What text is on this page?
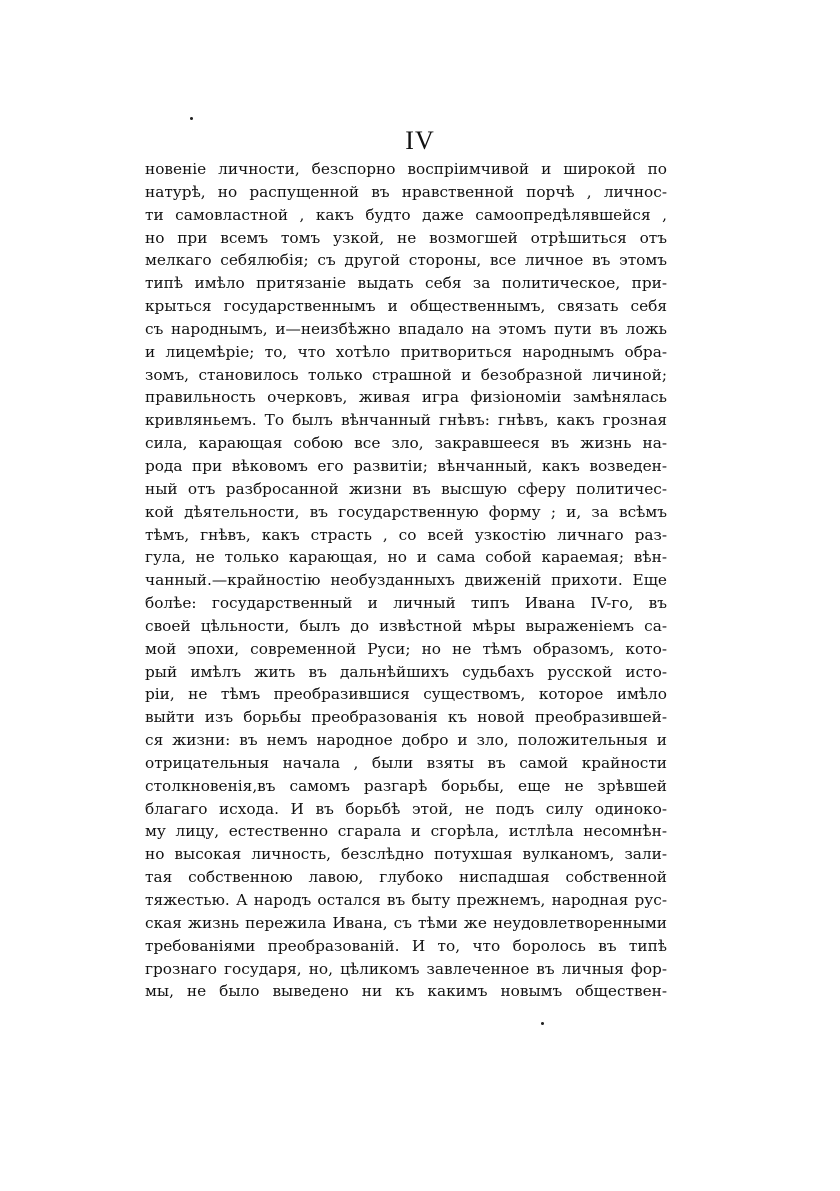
IV
новеніе личности, безспорно воспріимчивой и широкой по
натурѣ, но распущенной въ нравственной порчѣ , личнос-
ти самовластной , какъ будто даже самоопредѣлявшейся ,
но при всемъ томъ узкой, не возмогшей отрѣшиться отъ
мелкаго себялюбія; съ другой стороны, все личное въ этомъ
типѣ имѣло притязаніе выдать себя за политическое, при-
крыться государственнымъ и общественнымъ, связать себя
съ народнымъ, и—неизбѣжно впадало на этомъ пути въ ложь
и лицемѣріе; то, что хотѣло притвориться народнымъ обра-
зомъ, становилось только страшной и безобразной личиной;
правильность очерковъ, живая игра физіономіи замѣнялась
кривляньемъ. То былъ вѣнчанный гнѣвъ: гнѣвъ, какъ грозная
сила, карающая собою все зло, закравшееся въ жизнь на-
рода при вѣковомъ его развитіи; вѣнчанный, какъ возведен-
ный отъ разбросанной жизни въ высшую сферу политичес-
кой дѣятельности, въ государственную форму ; и, за всѣмъ
тѣмъ, гнѣвъ, какъ страсть , со всей узкостію личнаго раз-
гула, не только карающая, но и сама собой караемая; вѣн-
чанный.—крайностію необузданныхъ движеній прихоти. Еще
болѣе: государственный и личный типъ Ивана IV-го, въ
своей цѣльности, былъ до извѣстной мѣры выраженіемъ са-
мой эпохи, современной Руси; но не тѣмъ образомъ, кото-
рый имѣлъ жить въ дальнѣйшихъ судьбахъ русской исто-
ріи, не тѣмъ преобразившися существомъ, которое имѣло
выйти изъ борьбы преобразованія къ новой преобразившей-
ся жизни: въ немъ народное добро и зло, положительныя и
отрицательныя начала , были взяты въ самой крайности
столкновенія,въ самомъ разгарѣ борьбы, еще не зрѣвшей
благаго исхода. И въ борьбѣ этой, не подъ силу одиноко-
му лицу, естественно сгарала и сгорѣла, истлѣла несомнѣн-
но высокая личность, безслѣдно потухшая вулканомъ, зали-
тая собственною лавою, глубоко ниспадшая собственной
тяжестью. А народъ остался въ быту прежнемъ, народная рус-
ская жизнь пережила Ивана, съ тѣми же неудовлетворенными
требованіями преобразованій. И то, что боролось въ типѣ
грознаго государя, но, цѣликомъ завлеченное въ личныя фор-
мы, не было выведено ни къ какимъ новымъ обществен-
